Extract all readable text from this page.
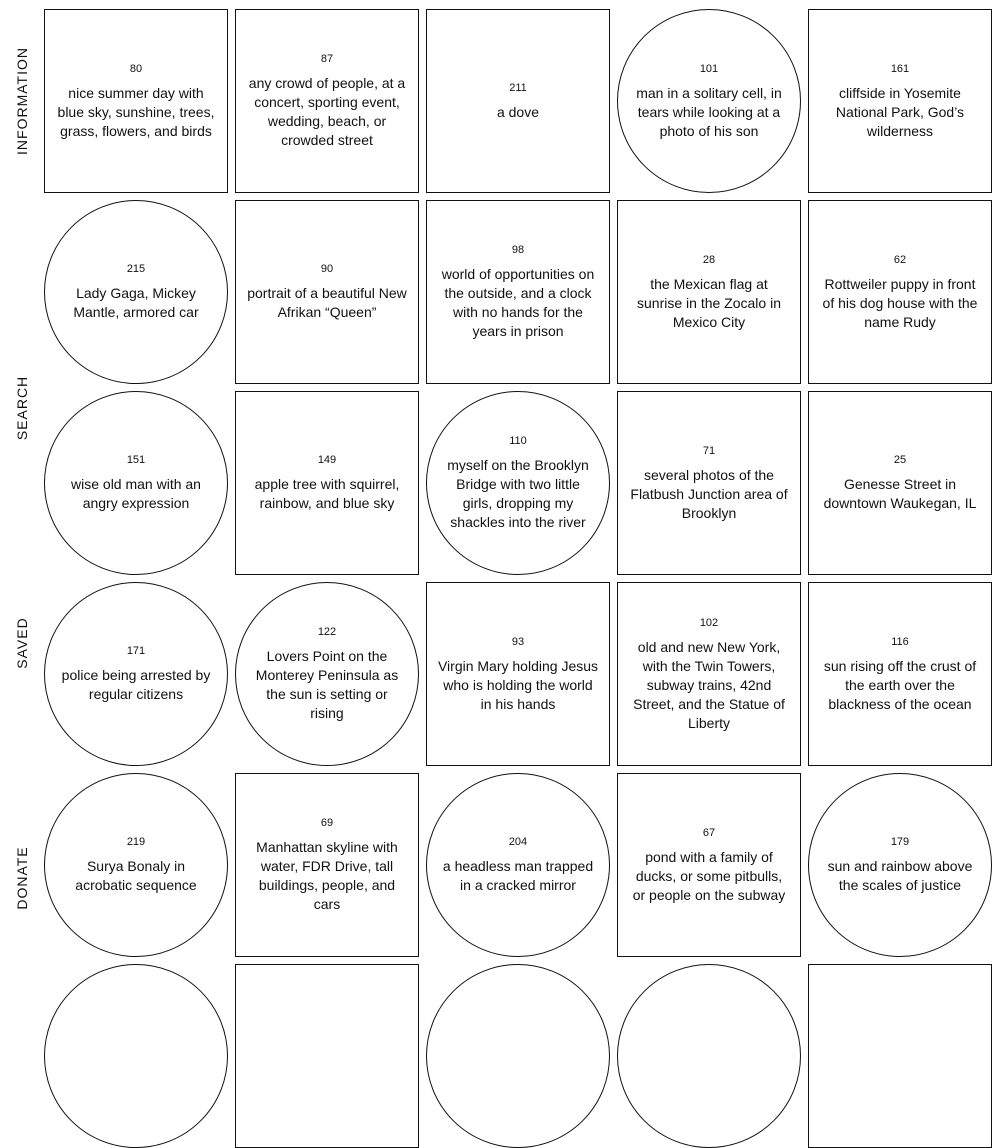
INFORMATION
SEARCH
SAVED
DONATE
80
nice summer day with blue sky, sunshine, trees, grass, flowers, and birds
87
any crowd of people, at a concert, sporting event, wedding, beach, or crowded street
211
a dove
101
man in a solitary cell, in tears while looking at a photo of his son
161
cliffside in Yosemite National Park, God’s wilderness
215
Lady Gaga, Mickey Mantle, armored car
90
portrait of a beautiful New Afrikan “Queen”
98
world of opportunities on the outside, and a clock with no hands for the years in prison
28
the Mexican flag at sunrise in the Zocalo in Mexico City
62
Rottweiler puppy in front of his dog house with the name Rudy
151
wise old man with an angry expression
149
apple tree with squirrel, rainbow, and blue sky
110
myself on the Brooklyn Bridge with two little girls, dropping my shackles into the river
71
several photos of the Flatbush Junction area of Brooklyn
25
Genesse Street in downtown Waukegan, IL
171
police being arrested by regular citizens
122
Lovers Point on the Monterey Peninsula as the sun is setting or rising
93
Virgin Mary holding Jesus who is holding the world in his hands
102
old and new New York, with the Twin Towers, subway trains, 42nd Street, and the Statue of Liberty
116
sun rising off the crust of the earth over the blackness of the ocean
219
Surya Bonaly in acrobatic sequence
69
Manhattan skyline with water, FDR Drive, tall buildings, people, and cars
204
a headless man trapped in a cracked mirror
67
pond with a family of ducks, or some pitbulls, or people on the subway
179
sun and rainbow above the scales of justice
